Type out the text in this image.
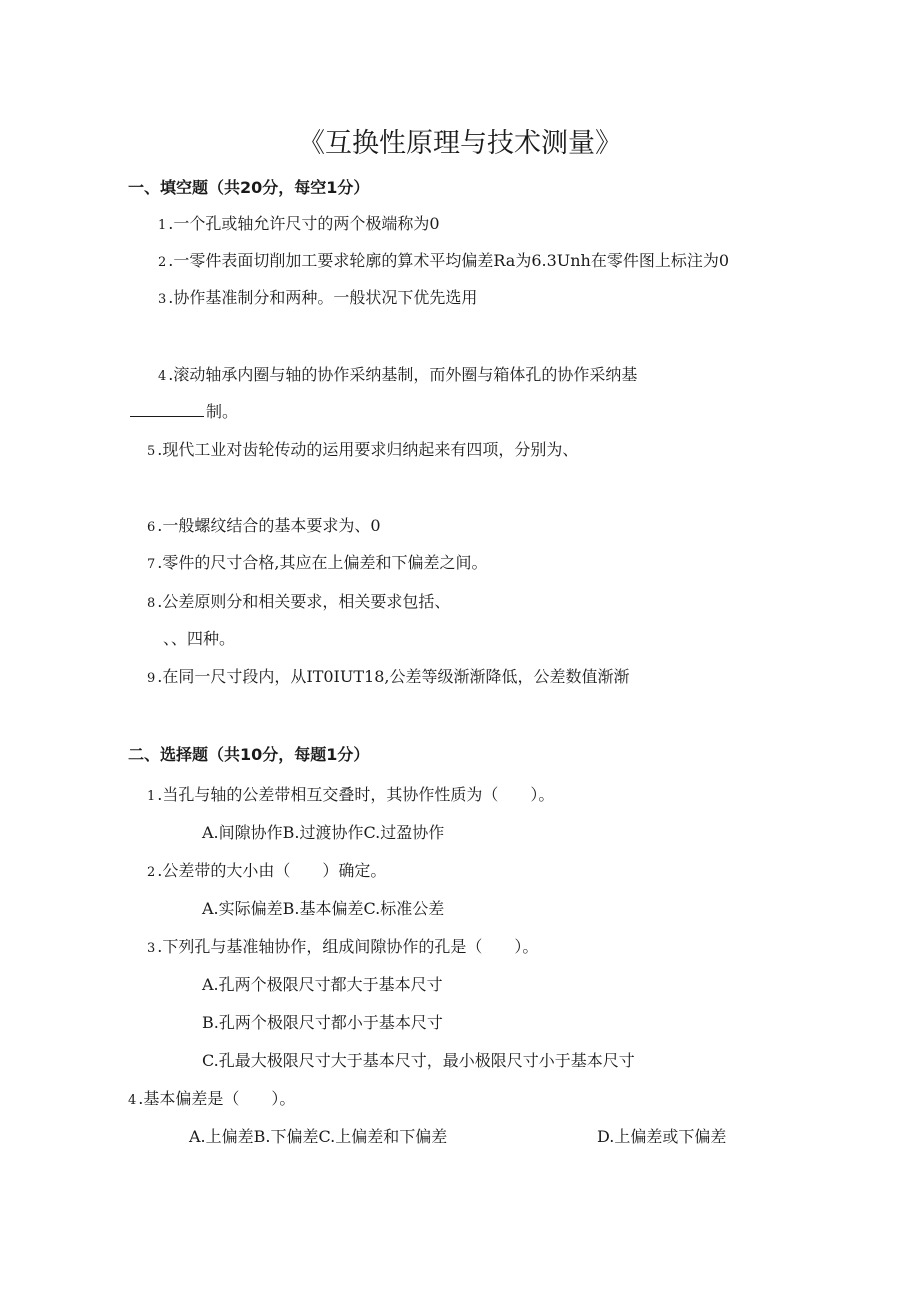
《互换性原理与技术测量》
一、填空题（共20分，每空1分）
1 .一个孔或轴允许尺寸的两个极端称为0
2 .一零件表面切削加工要求轮廓的算术平均偏差Ra为6.3Unh在零件图上标注为0
3 .协作基准制分和两种。一般状况下优先选用
4 .滚动轴承内圈与轴的协作采纳基制，而外圈与箱体孔的协作采纳基
制。
5 .现代工业对齿轮传动的运用要求归纳起来有四项，分别为、
6 .一般螺纹结合的基本要求为、0
7 .零件的尺寸合格,其应在上偏差和下偏差之间。
8 .公差原则分和相关要求，相关要求包括、
、、四种。
9 .在同一尺寸段内，从IT0IUT18,公差等级渐渐降低，公差数值渐渐
二、选择题（共10分，每题1分）
1 .当孔与轴的公差带相互交叠时，其协作性质为（　　）。
A.间隙协作B.过渡协作C.过盈协作
2 .公差带的大小由（　　）确定。
A.实际偏差B.基本偏差C.标准公差
3 .下列孔与基准轴协作，组成间隙协作的孔是（　　）。
A.孔两个极限尺寸都大于基本尺寸
B.孔两个极限尺寸都小于基本尺寸
C.孔最大极限尺寸大于基本尺寸，最小极限尺寸小于基本尺寸
4 .基本偏差是（　　）。
A.上偏差B.下偏差C.上偏差和下偏差	D.上偏差或下偏差
